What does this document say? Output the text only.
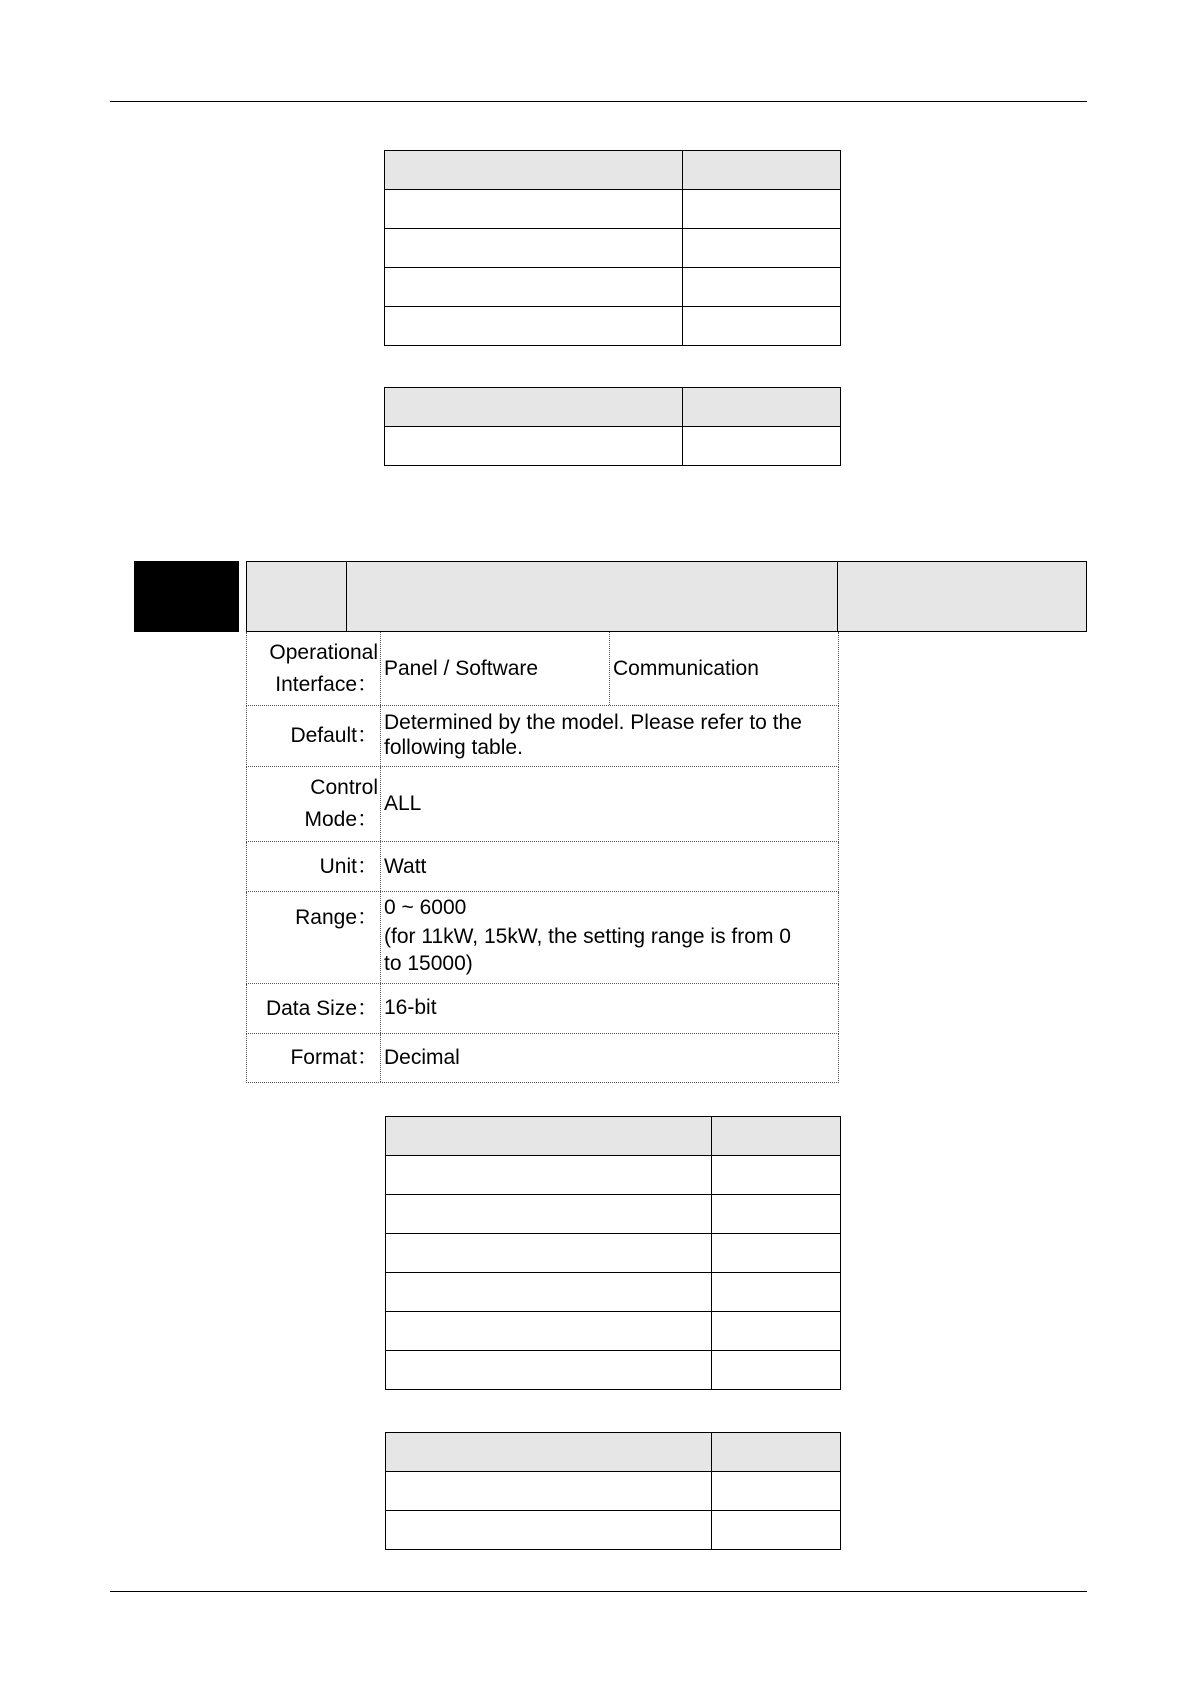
Operational
Interface：
Panel / Software	Communication
Default：

Determined by the model. Please refer to the

following table.

Control
Mode：
ALL
Unit： Watt
Range： 0 ~ 6000

(for 11kW, 15kW, the setting range is from 0

to 15000)

Data Size： 16-bit
Format： Decimal
